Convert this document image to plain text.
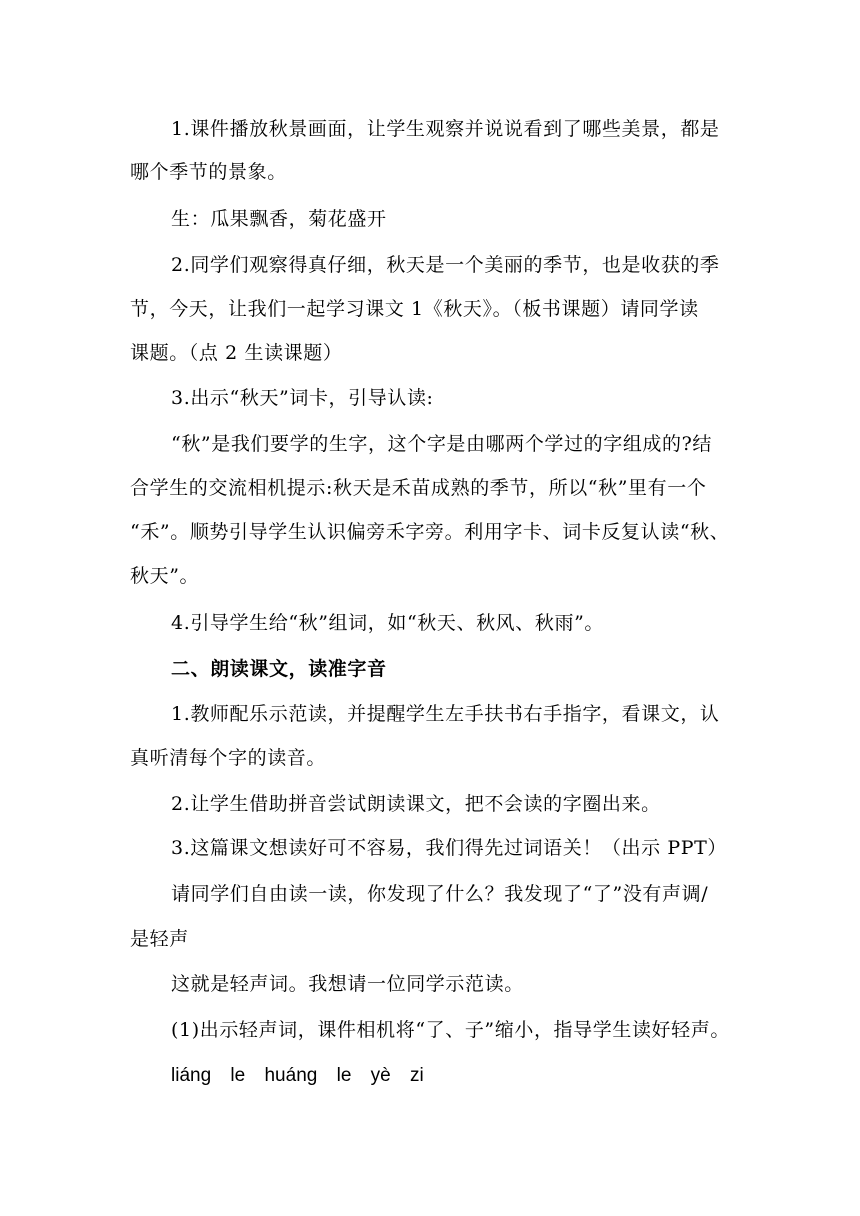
1.课件播放秋景画面，让学生观察并说说看到了哪些美景，都是
哪个季节的景象。
生：瓜果飘香，菊花盛开
2.同学们观察得真仔细，秋天是一个美丽的季节，也是收获的季
节，今天，让我们一起学习课文 1《秋天》。（板书课题）请同学读
课题。（点 2 生读课题）
3.出示“秋天”词卡，引导认读:
“秋”是我们要学的生字，这个字是由哪两个学过的字组成的?结
合学生的交流相机提示:秋天是禾苗成熟的季节，所以“秋”里有一个
“禾”。顺势引导学生认识偏旁禾字旁。利用字卡、词卡反复认读“秋、
秋天”。
4.引导学生给“秋”组词，如“秋天、秋风、秋雨”。
二、朗读课文，读准字音
1.教师配乐示范读，并提醒学生左手扶书右手指字，看课文，认
真听清每个字的读音。
2.让学生借助拼音尝试朗读课文，把不会读的字圈出来。
3.这篇课文想读好可不容易，我们得先过词语关！（出示 PPT）
请同学们自由读一读，你发现了什么？我发现了“了”没有声调/
是轻声
这就是轻声词。我想请一位同学示范读。
(1)出示轻声词，课件相机将“了、子”缩小，指导学生读好轻声。
liáng le huáng le yè zi
